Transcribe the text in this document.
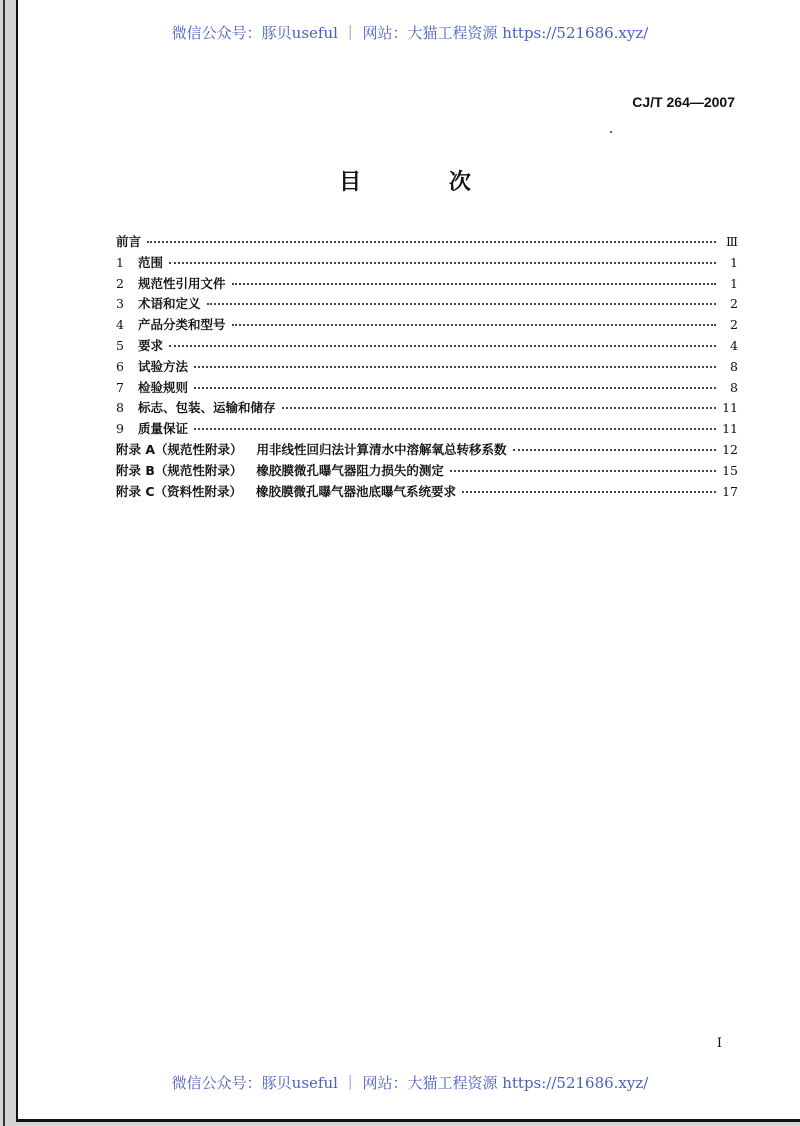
微信公众号：豚贝useful ｜ 网站：大猫工程资源 https://521686.xyz/
CJ/T 264—2007
目 次
前言	Ⅲ
1	范围	1
2	规范性引用文件	1
3	术语和定义	2
4	产品分类和型号	2
5	要求	4
6	试验方法	8
7	检验规则	8
8	标志、包装、运输和储存	11
9	质量保证	11
附录 A（规范性附录） 用非线性回归法计算清水中溶解氧总转移系数	12
附录 B（规范性附录） 橡胶膜微孔曝气器阻力损失的测定	15
附录 C（资料性附录） 橡胶膜微孔曝气器池底曝气系统要求	17
I
微信公众号：豚贝useful ｜ 网站：大猫工程资源 https://521686.xyz/
